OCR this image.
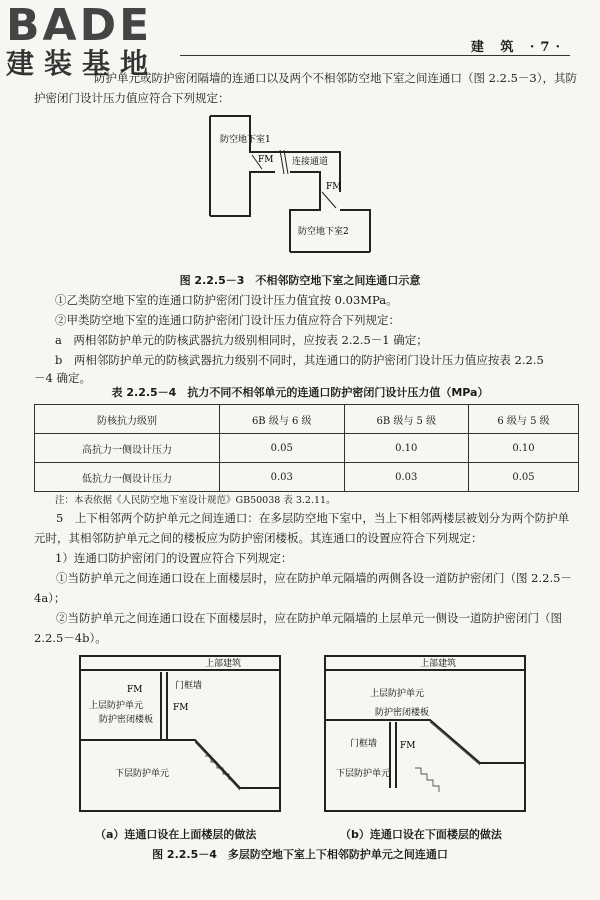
BADE
建装基地	建 筑 ·7·
防护单元或防护密闭隔墙的连通口以及两个不相邻防空地下室之间连通口（图 2.2.5－3），其防护密闭门设计压力值应符合下列规定：
防空地下室1
FM 连接通道
FM
防空地下室2
图 2.2.5－3　不相邻防空地下室之间连通口示意
①乙类防空地下室的连通口防护密闭门设计压力值宜按 0.03MPa。
②甲类防空地下室的连通口防护密闭门设计压力值应符合下列规定：
a　两相邻防护单元的防核武器抗力级别相同时，应按表 2.2.5－1 确定；
b　两相邻防护单元的防核武器抗力级别不同时，其连通口的防护密闭门设计压力值应按表 2.2.5
－4 确定。
表 2.2.5－4　抗力不同不相邻单元的连通口防护密闭门设计压力值（MPa）
防核抗力级别	6B 级与 6 级	6B 级与 5 级	6 级与 5 级
高抗力一侧设计压力	0.05	0.10	0.10
低抗力一侧设计压力	0.03	0.03	0.05
注：本表依据《人民防空地下室设计规范》GB50038 表 3.2.11。
5　上下相邻两个防护单元之间连通口：在多层防空地下室中，当上下相邻两楼层被划分为两个防护单元时，其相邻防护单元之间的楼板应为防护密闭楼板。其连通口的设置应符合下列规定：
1）连通口防护密闭门的设置应符合下列规定：
①当防护单元之间连通口设在上面楼层时，应在防护单元隔墙的两侧各设一道防护密闭门（图 2.2.5－4a）；
②当防护单元之间连通口设在下面楼层时，应在防护单元隔墙的上层单元一侧设一道防护密闭门（图 2.2.5－4b）。
上部建筑
门框墙
FM
FM
上层防护单元
防护密闭楼板
下层防护单元
上部建筑
上层防护单元
防护密闭楼板
门框墙	FM
下层防护单元
（a）连通口设在上面楼层的做法	（b）连通口设在下面楼层的做法
图 2.2.5－4　多层防空地下室上下相邻防护单元之间连通口
